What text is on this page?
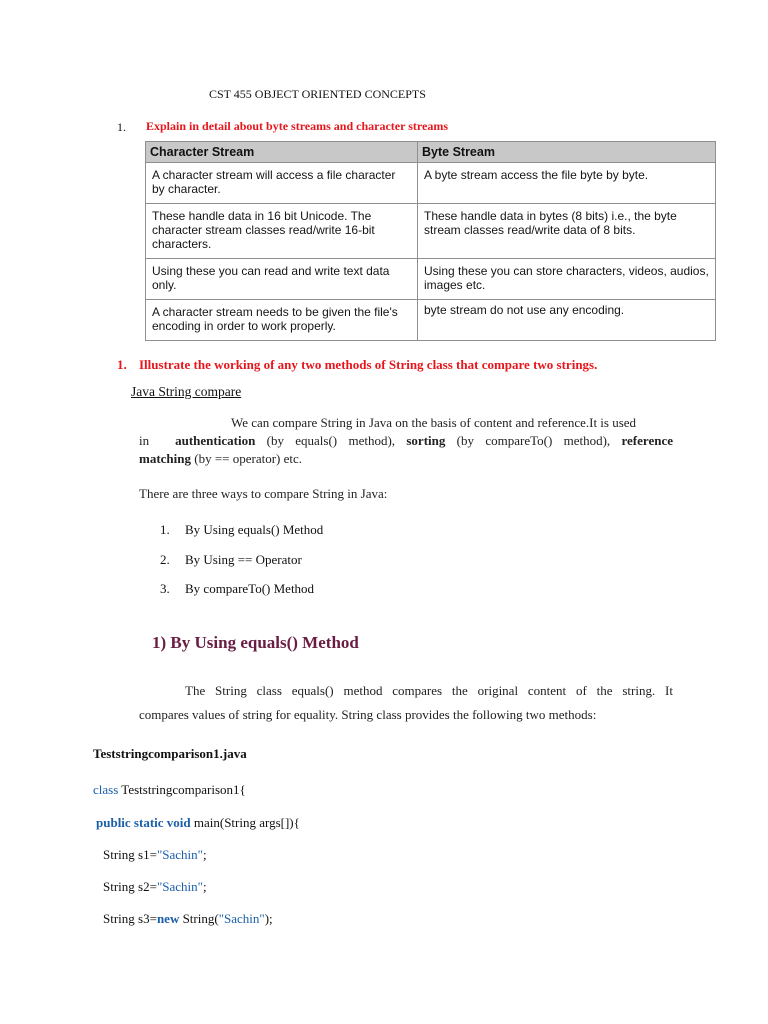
CST 455 OBJECT ORIENTED CONCEPTS
1. Explain in detail about byte streams and character streams
Character Stream	Byte Stream
A character stream will access a file character by character.	A byte stream access the file byte by byte.
These handle data in 16 bit Unicode. The character stream classes read/write 16-bit characters.	These handle data in bytes (8 bits) i.e., the byte stream classes read/write data of 8 bits.
Using these you can read and write text data only.	Using these you can store characters, videos, audios, images etc.
A character stream needs to be given the file's encoding in order to work properly.	byte stream do not use any encoding.
1. Illustrate the working of any two methods of String class that compare two strings.
Java String compare
We can compare String in Java on the basis of content and reference.It is used
in   authentication (by equals() method), sorting (by compareTo() method), reference
matching (by == operator) etc.
There are three ways to compare String in Java:
1. By Using equals() Method
2. By Using == Operator
3. By compareTo() Method
1) By Using equals() Method
The String class equals() method compares the original content of the string. It
compares values of string for equality. String class provides the following two methods:
Teststringcomparison1.java
class Teststringcomparison1{
public static void main(String args[]){
String s1="Sachin";
String s2="Sachin";
String s3=new String("Sachin");
